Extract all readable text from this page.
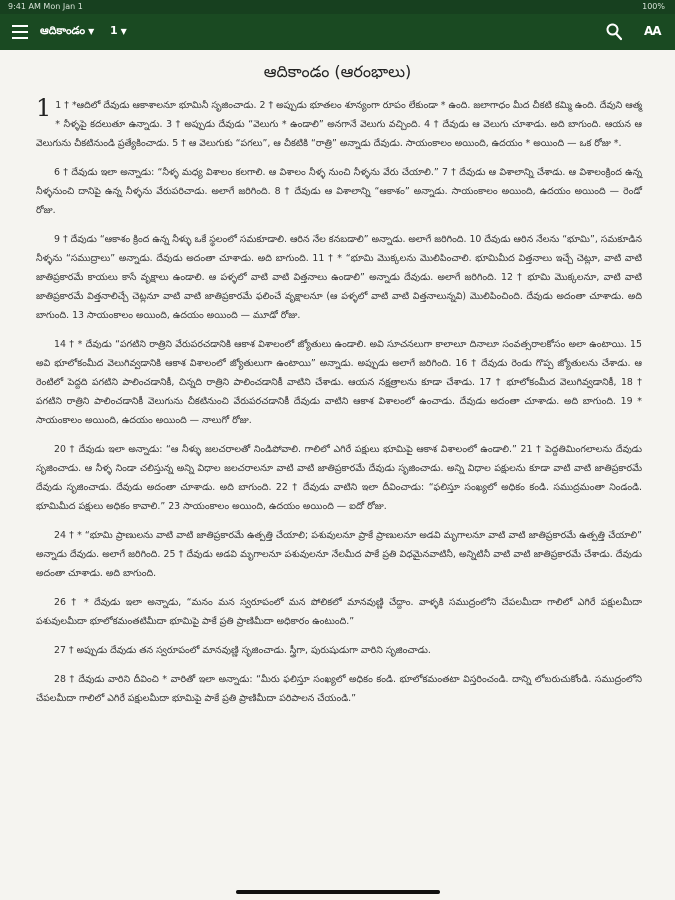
9:41 AM Mon Jan 1	100%
ఆదికాండం ▼ 1 ▼	AA
ఆదికాండం (ఆరంభాలు)

1 1 † *ఆదిలో దేవుడు ఆకాశాలనూ భూమినీ సృజించాడు. 2 † అప్పుడు భూతలం శూన్యంగా రూపం లేకుండా * ఉంది. జలాగాధం మీద చీకటి కమ్మి ఉంది. దేవుని ఆత్మ * నీళ్ళపై కదలుతూ ఉన్నాడు. 3 † అప్పుడు దేవుడు “వెలుగు * ఉండాలి” అనగానే వెలుగు వచ్చింది. 4 † దేవుడు ఆ వెలుగు చూశాడు. అది బాగుంది. ఆయన ఆ వెలుగును చీకటినుండి ప్రత్యేకించాడు. 5 † ఆ వెలుగుకు “పగలు”, ఆ చీకటికి “రాత్రి” అన్నాడు దేవుడు. సాయంకాలం అయింది, ఉదయం * అయింది — ఒక రోజు *.

6 † దేవుడు ఇలా అన్నాడు: “నీళ్ళ మధ్య విశాలం కలగాలి. ఆ విశాలం నీళ్ళ నుంచి నీళ్ళను వేరు చేయాలి.” 7 † దేవుడు ఆ విశాలాన్ని చేశాడు. ఆ విశాలంక్రింద ఉన్న నీళ్ళనుంచి దానిపై ఉన్న నీళ్ళను వేరుపరిచాడు. అలాగే జరిగింది. 8 † దేవుడు ఆ విశాలాన్ని “ఆకాశం” అన్నాడు. సాయంకాలం అయింది, ఉదయం అయింది — రెండో రోజు.

9 † దేవుడు “ఆకాశం క్రింద ఉన్న నీళ్ళు ఒకే స్థలంలో సమకూడాలి. ఆరిన నేల కనబడాలి” అన్నాడు. అలాగే జరిగింది. 10 దేవుడు ఆరిన నేలను “భూమి”, సమకూడిన నీళ్ళను “సముద్రాలు” అన్నాడు. దేవుడు అదంతా చూశాడు. అది బాగుంది. 11 † * “భూమి మొక్కలను మొలిపించాలి. భూమిమీద విత్తనాలు ఇచ్చే చెట్లూ, వాటి వాటి జాతిప్రకారమే కాయలు కాసే వృక్షాలు ఉండాలి. ఆ పళ్ళలో వాటి వాటి విత్తనాలు ఉండాలి” అన్నాడు దేవుడు. అలాగే జరిగింది. 12 † భూమి మొక్కలనూ, వాటి వాటి జాతిప్రకారమే విత్తనాలిచ్చే చెట్లనూ వాటి వాటి జాతిప్రకారమే ఫలించే వృక్షాలనూ (ఆ పళ్ళలో వాటి వాటి విత్తనాలున్నవి) మొలిపించింది. దేవుడు అదంతా చూశాడు. అది బాగుంది. 13 సాయంకాలం అయింది, ఉదయం అయింది — మూడో రోజు.

14 † * దేవుడు “పగటిని రాత్రిని వేరుపరచడానికి ఆకాశ విశాలంలో జ్యోతులు ఉండాలి. అవి సూచనలుగా కాలాలూ దినాలూ సంవత్సరాలకోసం అలా ఉంటాయి. 15 అవి భూలోకంమీద వెలుగివ్వడానికి ఆకాశ విశాలంలో జ్యోతులుగా ఉంటాయి” అన్నాడు. అప్పుడు అలాగే జరిగింది. 16 † దేవుడు రెండు గొప్ప జ్యోతులను చేశాడు. ఆ రెంటిలో పెద్దది పగటిని పాలించడానికీ, చిన్నది రాత్రిని పాలించడానికీ వాటిని చేశాడు. ఆయన నక్షత్రాలను కూడా చేశాడు. 17 † భూలోకంమీద వెలుగివ్వడానికీ, 18 † పగటిని రాత్రిని పాలించడానికీ వెలుగును చీకటినుంచి వేరుపరచడానికీ దేవుడు వాటిని ఆకాశ విశాలంలో ఉంచాడు. దేవుడు అదంతా చూశాడు. అది బాగుంది. 19 * సాయంకాలం అయింది, ఉదయం అయింది — నాలుగో రోజు.

20 † దేవుడు ఇలా అన్నాడు: “ఆ నీళ్ళు జలచరాలతో నిండిపోవాలి. గాలిలో ఎగిరే పక్షులు భూమిపై ఆకాశ విశాలంలో ఉండాలి.” 21 † పెద్దతిమింగలాలను దేవుడు సృజించాడు. ఆ నీళ్ళ నిండా చలిస్తున్న అన్ని విధాల జలచరాలనూ వాటి వాటి జాతిప్రకారమే దేవుడు సృజించాడు. అన్ని విధాల పక్షులను కూడా వాటి వాటి జాతిప్రకారమే దేవుడు సృజించాడు. దేవుడు అదంతా చూశాడు. అది బాగుంది. 22 † దేవుడు వాటిని ఇలా దీవించాడు: “ఫలిస్తూ సంఖ్యలో అధికం కండి. సముద్రమంతా నిండండి. భూమిమీద పక్షులు అధికం కావాలి.” 23 సాయంకాలం అయింది, ఉదయం అయింది — ఐదో రోజు.

24 † * “భూమి ప్రాణులను వాటి వాటి జాతిప్రకారమే ఉత్పత్తి చేయాలి; పశువులనూ ప్రాకే ప్రాణులనూ అడవి మృగాలనూ వాటి వాటి జాతిప్రకారమే ఉత్పత్తి చేయాలి” అన్నాడు దేవుడు. అలాగే జరిగింది. 25 † దేవుడు అడవి మృగాలనూ పశువులనూ నేలమీద పాకే ప్రతి విధమైనవాటినీ, అన్నిటినీ వాటి వాటి జాతిప్రకారమే చేశాడు. దేవుడు అదంతా చూశాడు. అది బాగుంది.

26 † * దేవుడు ఇలా అన్నాడు, “మనం మన స్వరూపంలో మన పోలికలో మానవుణ్ణి చేద్దాం. వాళ్ళకి సముద్రంలోని చేపలమీదా గాలిలో ఎగిరే పక్షులమీదా పశువులమీదా భూలోకమంతటిమీదా భూమిపై పాకే ప్రతి ప్రాణిమీదా అధికారం ఉంటుంది.”

27 † అప్పుడు దేవుడు తన స్వరూపంలో మానవుణ్ణి సృజించాడు. స్త్రీగా, పురుషుడుగా వారిని సృజించాడు.

28 † దేవుడు వారిని దీవించి * వారితో ఇలా అన్నాడు: “మీరు ఫలిస్తూ సంఖ్యలో అధికం కండి. భూలోకమంతటా విస్తరించండి. దాన్ని లోబరుచుకోండి. సముద్రంలోని చేపలమీదా గాలిలో ఎగిరే పక్షులమీదా భూమిపై పాకే ప్రతి ప్రాణిమీదా పరిపాలన చేయండి.”
